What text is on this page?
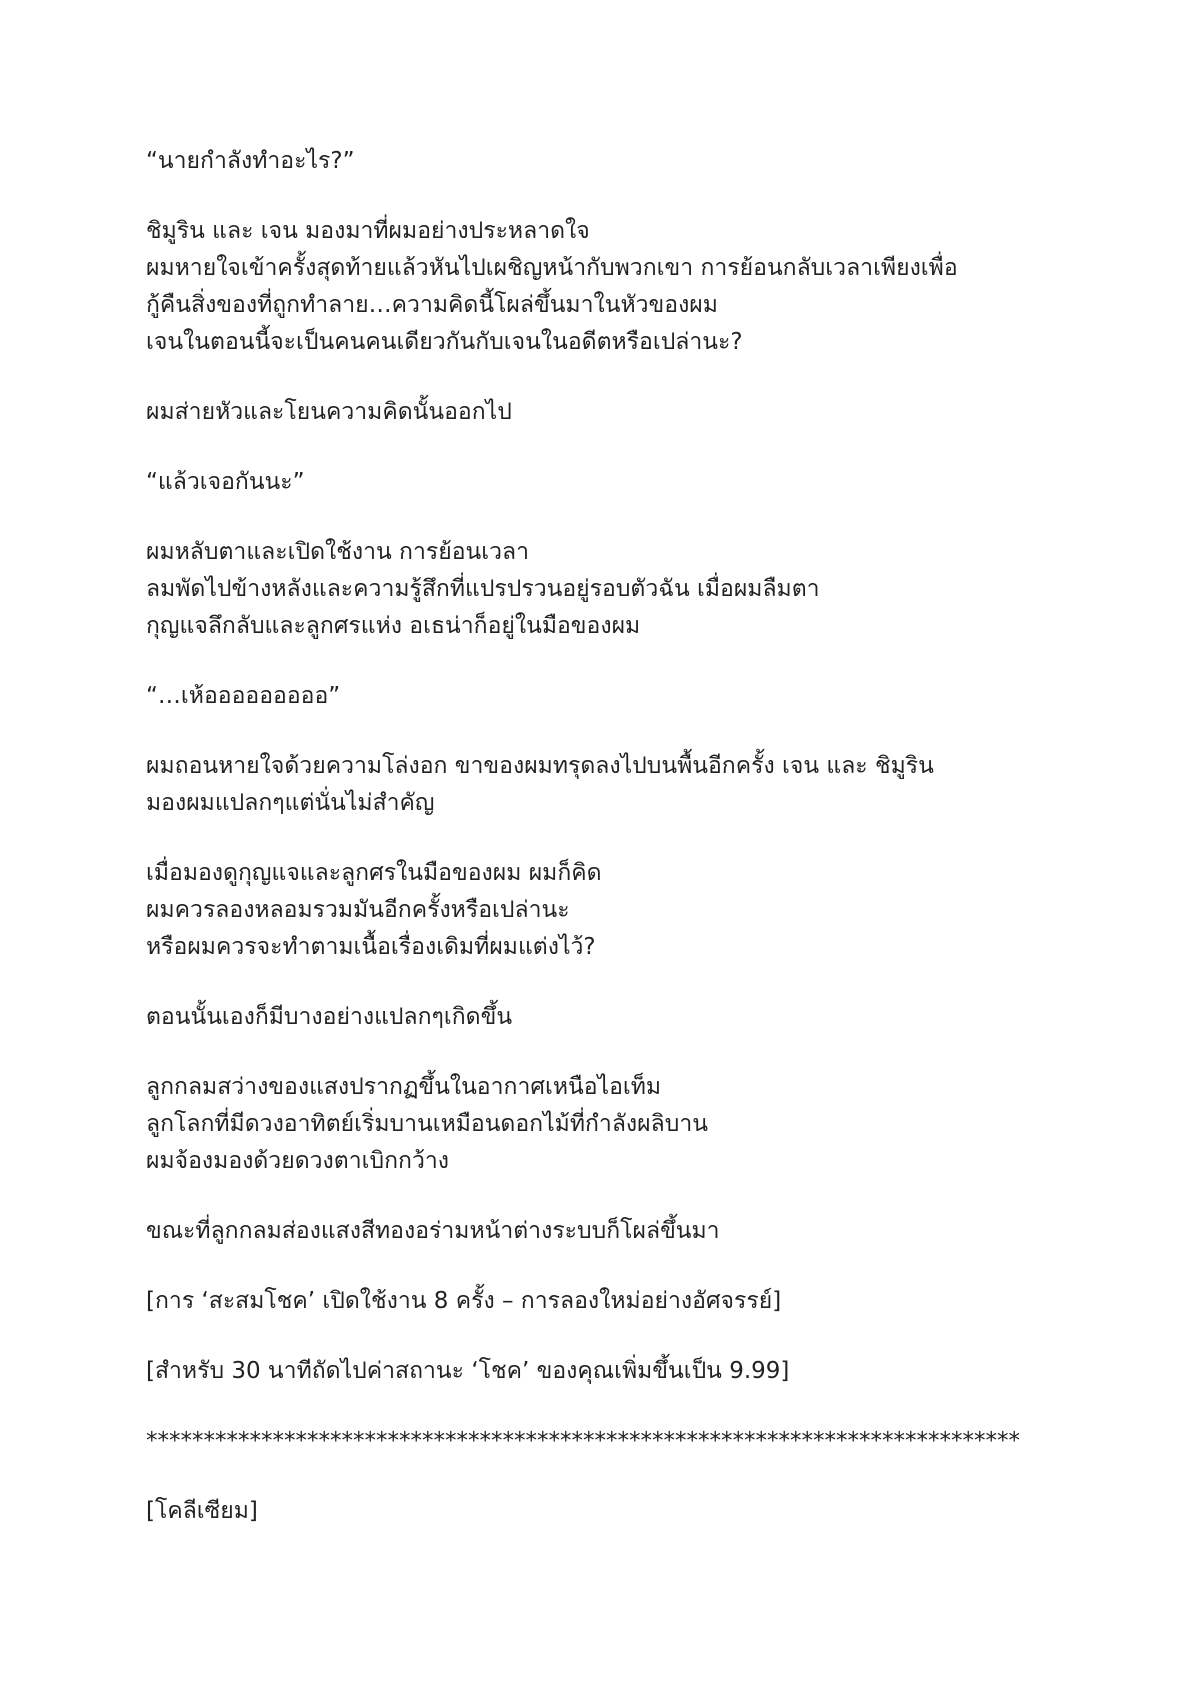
“นายกำลังทำอะไร?”

ชิมูริน และ เจน มองมาที่ผมอย่างประหลาดใจ
ผมหายใจเข้าครั้งสุดท้ายแล้วหันไปเผชิญหน้ากับพวกเขา การย้อนกลับเวลาเพียงเพื่อ
กู้คืนสิ่งของที่ถูกทำลาย…ความคิดนี้โผล่ขึ้นมาในหัวของผม
เจนในตอนนี้จะเป็นคนคนเดียวกันกับเจนในอดีตหรือเปล่านะ?

ผมส่ายหัวและโยนความคิดนั้นออกไป

“แล้วเจอกันนะ”

ผมหลับตาและเปิดใช้งาน การย้อนเวลา
ลมพัดไปข้างหลังและความรู้สึกที่แปรปรวนอยู่รอบตัวฉัน เมื่อผมลืมตา
กุญแจลึกลับและลูกศรแห่ง อเธน่าก็อยู่ในมือของผม

“…เห้อออออออออ”

ผมถอนหายใจด้วยความโล่งอก ขาของผมทรุดลงไปบนพื้นอีกครั้ง เจน และ ชิมูริน
มองผมแปลกๆแต่นั่นไม่สำคัญ

เมื่อมองดูกุญแจและลูกศรในมือของผม ผมก็คิด
ผมควรลองหลอมรวมมันอีกครั้งหรือเปล่านะ
หรือผมควรจะทำตามเนื้อเรื่องเดิมที่ผมแต่งไว้?

ตอนนั้นเองก็มีบางอย่างแปลกๆเกิดขึ้น

ลูกกลมสว่างของแสงปรากฏขึ้นในอากาศเหนือไอเท็ม
ลูกโลกที่มีดวงอาทิตย์เริ่มบานเหมือนดอกไม้ที่กำลังผลิบาน
ผมจ้องมองด้วยดวงตาเบิกกว้าง

ขณะที่ลูกกลมส่องแสงสีทองอร่ามหน้าต่างระบบก็โผล่ขึ้นมา

[การ ‘สะสมโชค’ เปิดใช้งาน 8 ครั้ง – การลองใหม่อย่างอัศจรรย์]

[สำหรับ 30 นาทีถัดไปค่าสถานะ ‘โชค’ ของคุณเพิ่มขึ้นเป็น 9.99]

****************************************************************************

[โคลีเซียม]
